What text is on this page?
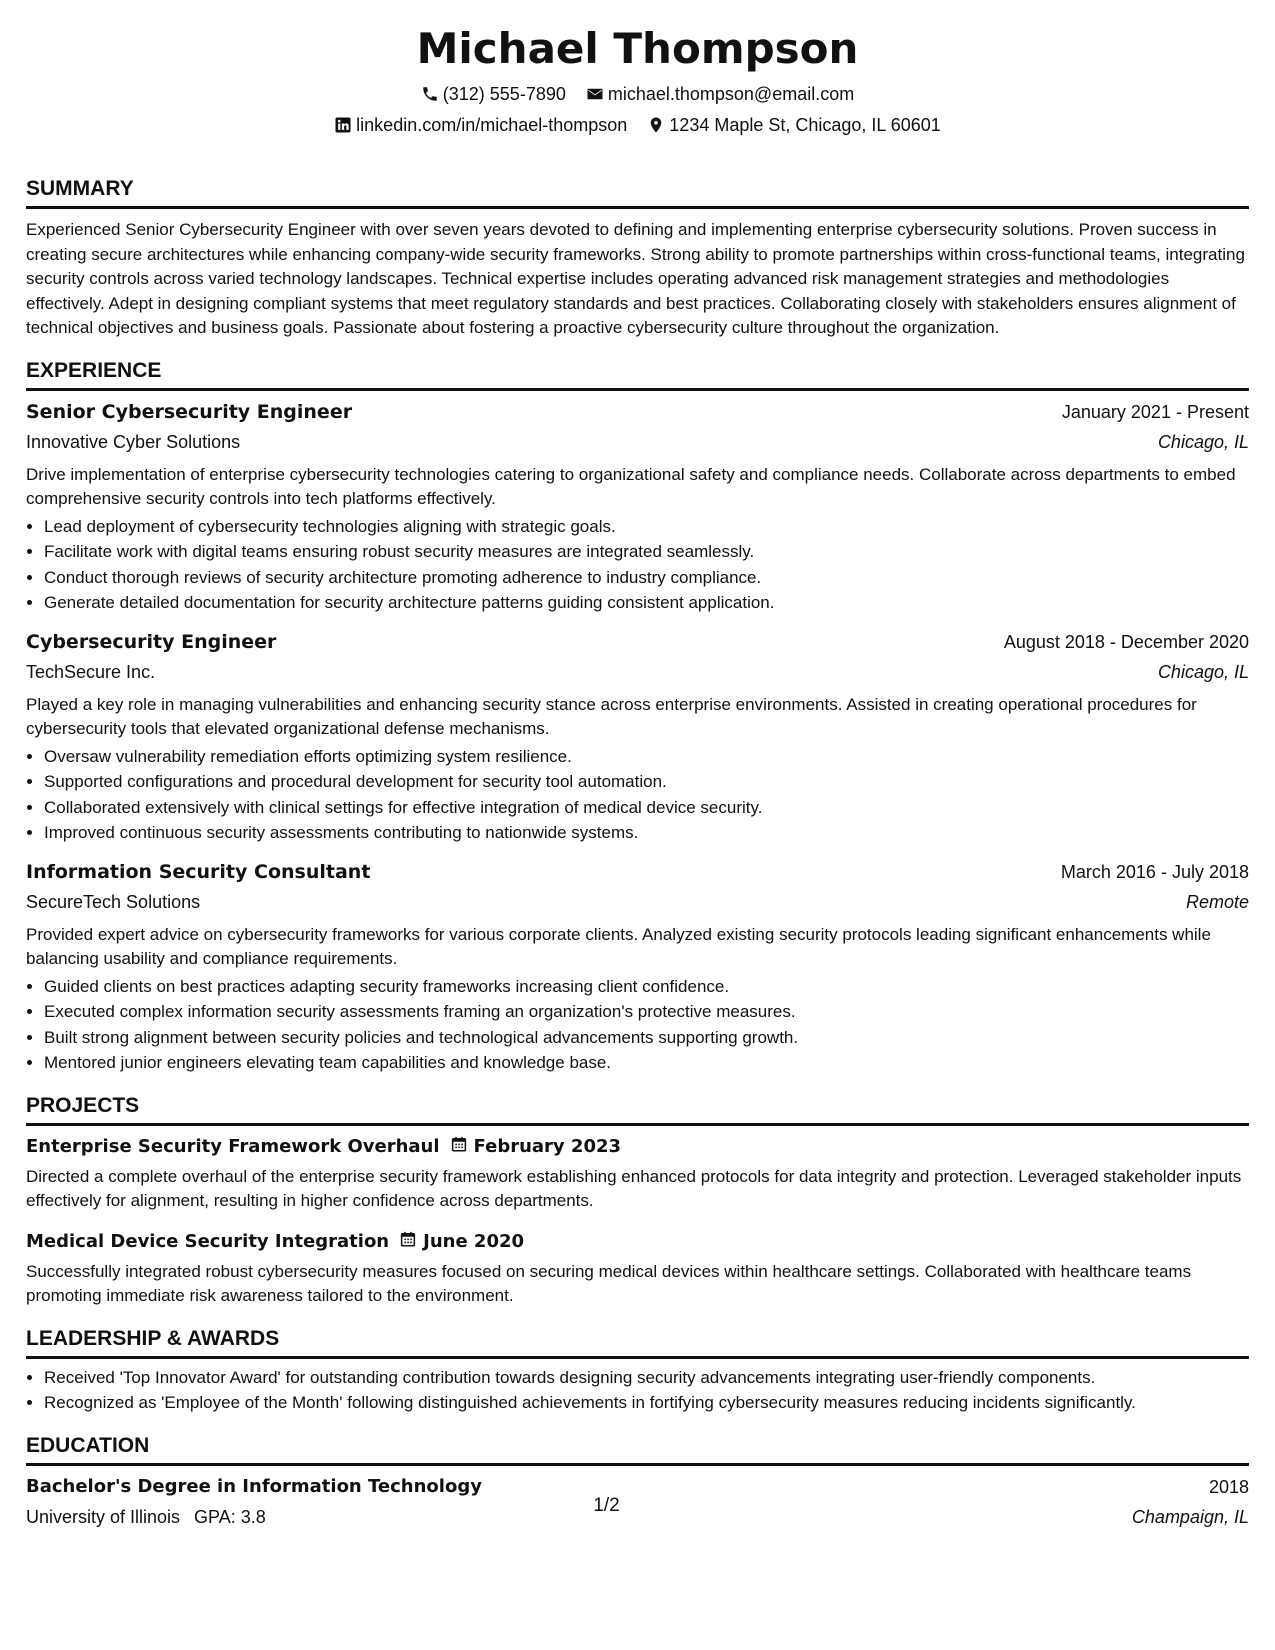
Michael Thompson
(312) 555-7890 michael.thompson@email.com
linkedin.com/in/michael-thompson 1234 Maple St, Chicago, IL 60601
SUMMARY

Experienced Senior Cybersecurity Engineer with over seven years devoted to defining and implementing enterprise cybersecurity solutions. Proven success in creating secure architectures while enhancing company-wide security frameworks. Strong ability to promote partnerships within cross-functional teams, integrating security controls across varied technology landscapes. Technical expertise includes operating advanced risk management strategies and methodologies effectively. Adept in designing compliant systems that meet regulatory standards and best practices. Collaborating closely with stakeholders ensures alignment of technical objectives and business goals. Passionate about fostering a proactive cybersecurity culture throughout the organization.

EXPERIENCE
Senior Cybersecurity Engineer	January 2021 - Present
Innovative Cyber Solutions	Chicago, IL

Drive implementation of enterprise cybersecurity technologies catering to organizational safety and compliance needs. Collaborate across departments to embed comprehensive security controls into tech platforms effectively.

• Lead deployment of cybersecurity technologies aligning with strategic goals.
• Facilitate work with digital teams ensuring robust security measures are integrated seamlessly.
• Conduct thorough reviews of security architecture promoting adherence to industry compliance.
• Generate detailed documentation for security architecture patterns guiding consistent application.
Cybersecurity Engineer	August 2018 - December 2020
TechSecure Inc.	Chicago, IL

Played a key role in managing vulnerabilities and enhancing security stance across enterprise environments. Assisted in creating operational procedures for cybersecurity tools that elevated organizational defense mechanisms.

• Oversaw vulnerability remediation efforts optimizing system resilience.
• Supported configurations and procedural development for security tool automation.
• Collaborated extensively with clinical settings for effective integration of medical device security.
• Improved continuous security assessments contributing to nationwide systems.
Information Security Consultant	March 2016 - July 2018
SecureTech Solutions	Remote

Provided expert advice on cybersecurity frameworks for various corporate clients. Analyzed existing security protocols leading significant enhancements while balancing usability and compliance requirements.

• Guided clients on best practices adapting security frameworks increasing client confidence.
• Executed complex information security assessments framing an organization's protective measures.
• Built strong alignment between security policies and technological advancements supporting growth.
• Mentored junior engineers elevating team capabilities and knowledge base.
PROJECTS
Enterprise Security Framework Overhaul February 2023

Directed a complete overhaul of the enterprise security framework establishing enhanced protocols for data integrity and protection. Leveraged stakeholder inputs effectively for alignment, resulting in higher confidence across departments.

Medical Device Security Integration June 2020

Successfully integrated robust cybersecurity measures focused on securing medical devices within healthcare settings. Collaborated with healthcare teams promoting immediate risk awareness tailored to the environment.

LEADERSHIP & AWARDS
• Received 'Top Innovator Award' for outstanding contribution towards designing security advancements integrating user-friendly components.
• Recognized as 'Employee of the Month' following distinguished achievements in fortifying cybersecurity measures reducing incidents significantly.
EDUCATION
Bachelor's Degree in Information Technology	2018
University of Illinois GPA: 3.8	Champaign, IL
1/2
